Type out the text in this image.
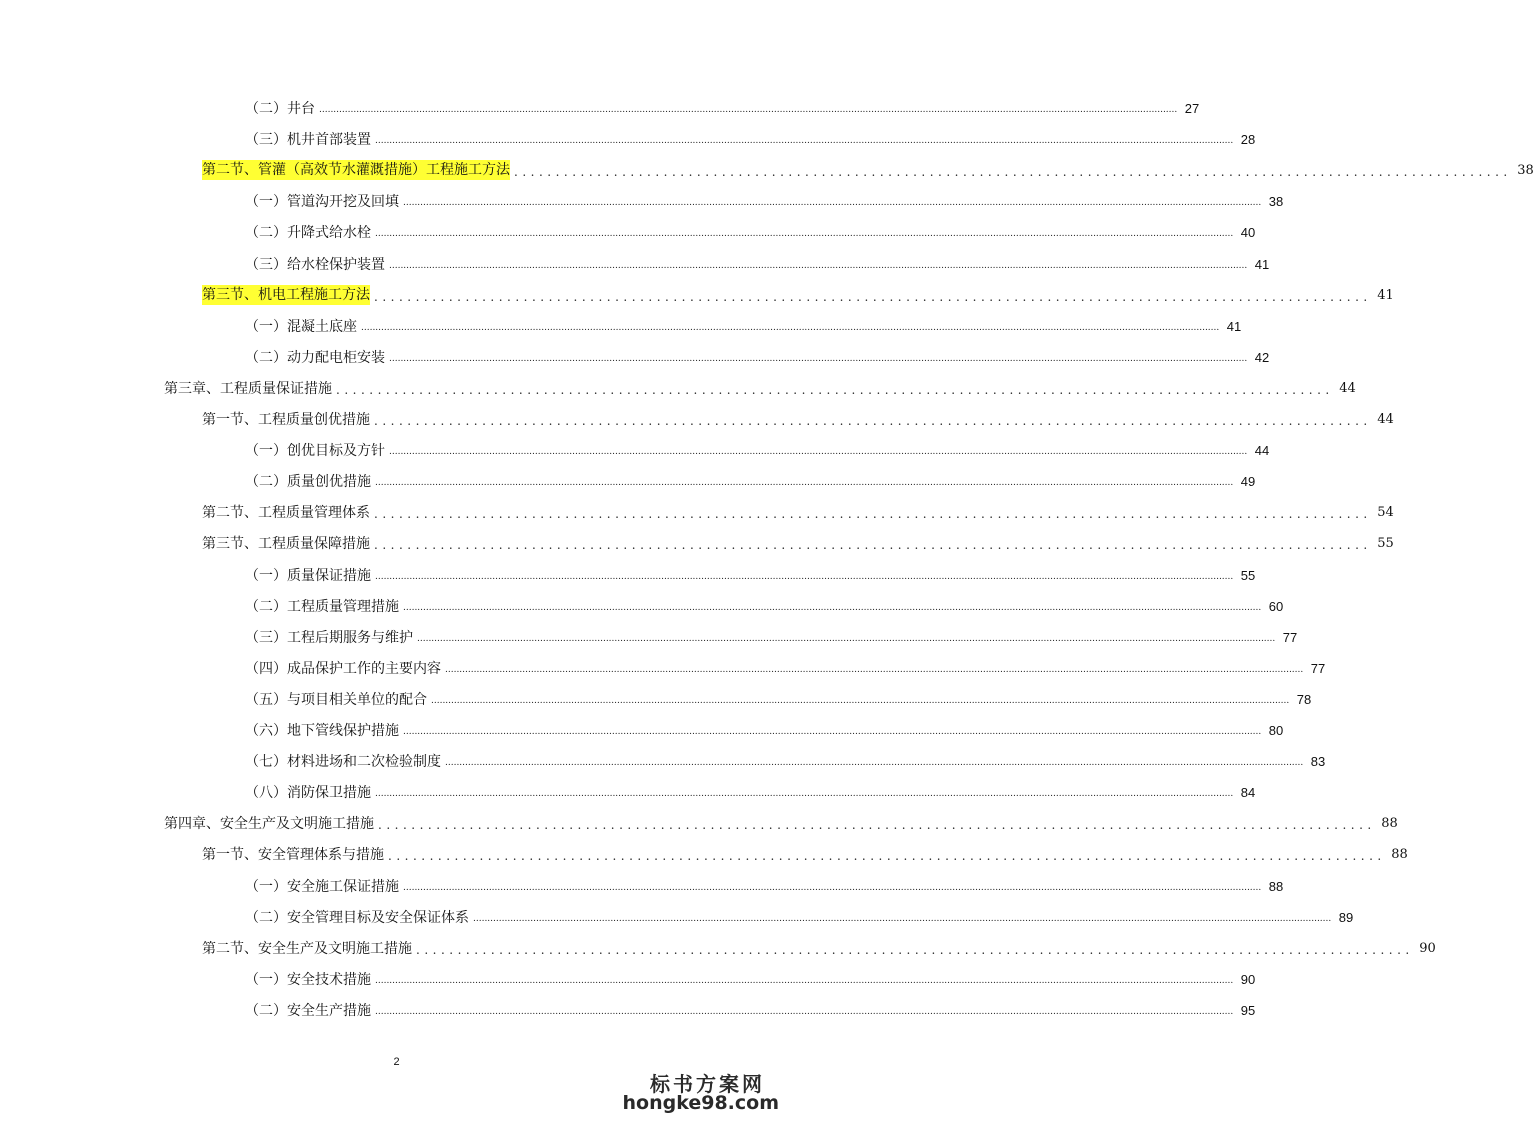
（二）井台 ............................................................................................................................................................................................................................................................................................................ 27
（三）机井首部装置 ............................................................................................................................................................................................................................................................................................................ 28
第二节、管灌（高效节水灌溉措施）工程施工方法 ........................................................................................................................ 38
（一）管道沟开挖及回填 ............................................................................................................................................................................................................................................................................................................ 38
（二）升降式给水栓 ............................................................................................................................................................................................................................................................................................................ 40
（三）给水栓保护装置 ............................................................................................................................................................................................................................................................................................................ 41
第三节、机电工程施工方法 ........................................................................................................................ 41
（一）混凝土底座 ............................................................................................................................................................................................................................................................................................................ 41
（二）动力配电柜安装 ............................................................................................................................................................................................................................................................................................................ 42
第三章、工程质量保证措施 ........................................................................................................................ 44
第一节、工程质量创优措施 ........................................................................................................................ 44
（一）创优目标及方针 ............................................................................................................................................................................................................................................................................................................ 44
（二）质量创优措施 ............................................................................................................................................................................................................................................................................................................ 49
第二节、工程质量管理体系 ........................................................................................................................ 54
第三节、工程质量保障措施 ........................................................................................................................ 55
（一）质量保证措施 ............................................................................................................................................................................................................................................................................................................ 55
（二）工程质量管理措施 ............................................................................................................................................................................................................................................................................................................ 60
（三）工程后期服务与维护 ............................................................................................................................................................................................................................................................................................................ 77
（四）成品保护工作的主要内容 ............................................................................................................................................................................................................................................................................................................ 77
（五）与项目相关单位的配合 ............................................................................................................................................................................................................................................................................................................ 78
（六）地下管线保护措施 ............................................................................................................................................................................................................................................................................................................ 80
（七）材料进场和二次检验制度 ............................................................................................................................................................................................................................................................................................................ 83
（八）消防保卫措施 ............................................................................................................................................................................................................................................................................................................ 84
第四章、安全生产及文明施工措施 ........................................................................................................................ 88
第一节、安全管理体系与措施 ........................................................................................................................ 88
（一）安全施工保证措施 ............................................................................................................................................................................................................................................................................................................ 88
（二）安全管理目标及安全保证体系 ............................................................................................................................................................................................................................................................................................................ 89
第二节、安全生产及文明施工措施 ........................................................................................................................ 90
（一）安全技术措施 ............................................................................................................................................................................................................................................................................................................ 90
（二）安全生产措施 ............................................................................................................................................................................................................................................................................................................ 95
2
标书方案网
hongke98.com
